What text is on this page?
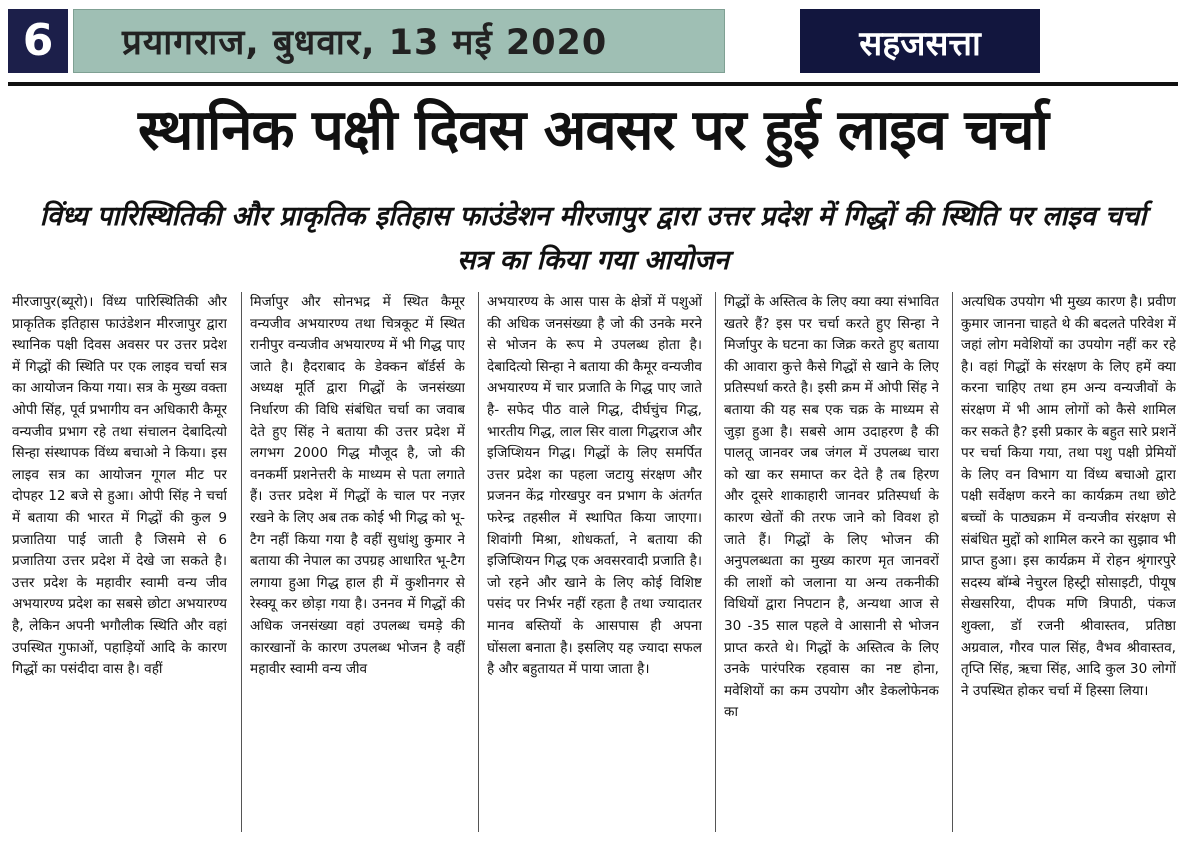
6	प्रयागराज, बुधवार, 13 मई 2020	सहजसत्ता
स्थानिक पक्षी दिवस अवसर पर हुई लाइव चर्चा
विंध्य पारिस्थितिकी और प्राकृतिक इतिहास फाउंडेशन मीरजापुर द्वारा उत्तर प्रदेश में गिद्धों की स्थिति पर लाइव चर्चा सत्र का किया गया आयोजन

मीरजापुर(ब्यूरो)। विंध्य पारिस्थितिकी और प्राकृतिक इतिहास फाउंडेशन मीरजापुर द्वारा स्थानिक पक्षी दिवस अवसर पर उत्तर प्रदेश में गिद्धों की स्थिति पर एक लाइव चर्चा सत्र का आयोजन किया गया। सत्र के मुख्य वक्ता ओपी सिंह, पूर्व प्रभागीय वन अधिकारी कैमूर वन्यजीव प्रभाग रहे तथा संचालन देबादित्यो सिन्हा संस्थापक विंध्य बचाओ ने किया। इस लाइव सत्र का आयोजन गूगल मीट पर दोपहर 12 बजे से हुआ। ओपी सिंह ने चर्चा में बताया की भारत में गिद्धों की कुल 9 प्रजातिया पाई जाती है जिसमे से 6 प्रजातिया उत्तर प्रदेश में देखे जा सकते है। उत्तर प्रदेश के महावीर स्वामी वन्य जीव अभयारण्य प्रदेश का सबसे छोटा अभयारण्य है, लेकिन अपनी भगौलीक स्थिति और वहां उपस्थित गुफाओं, पहाड़ियों आदि के कारण गिद्धों का पसंदीदा वास है। वहीं

मिर्जापुर और सोनभद्र में स्थित कैमूर वन्यजीव अभयारण्य तथा चित्रकूट में स्थित रानीपुर वन्यजीव अभयारण्य में भी गिद्ध पाए जाते है। हैदराबाद के डेक्कन बॉर्डर्स के अध्यक्ष मूर्ति द्वारा गिद्धों के जनसंख्या निर्धारण की विधि संबंधित चर्चा का जवाब देते हुए सिंह ने बताया की उत्तर प्रदेश में लगभग 2000 गिद्ध मौजूद है, जो की वनकर्मी प्रशनेत्तरी के माध्यम से पता लगाते हैं। उत्तर प्रदेश में गिद्धों के चाल पर नज़र रखने के लिए अब तक कोई भी गिद्ध को भू-टैग नहीं किया गया है वहीं सुधांशु कुमार ने बताया की नेपाल का उपग्रह आधारित भू-टैग लगाया हुआ गिद्ध हाल ही में कुशीनगर से रेस्क्यू कर छोड़ा गया है। उननव में गिद्धों की अधिक जनसंख्या वहां उपलब्ध चमड़े की कारखानों के कारण उपलब्ध भोजन है वहीं महावीर स्वामी वन्य जीव

अभयारण्य के आस पास के क्षेत्रों में पशुओं की अधिक जनसंख्या है जो की उनके मरने से भोजन के रूप मे उपलब्ध होता है। देबादित्यो सिन्हा ने बताया की कैमूर वन्यजीव अभयारण्य में चार प्रजाति के गिद्ध पाए जाते है- सफेद पीठ वाले गिद्ध, दीर्घचुंच गिद्ध, भारतीय गिद्ध, लाल सिर वाला गिद्धराज और इजिप्शियन गिद्ध। गिद्धों के लिए समर्पित उत्तर प्रदेश का पहला जटायु संरक्षण और प्रजनन केंद्र गोरखपुर वन प्रभाग के अंतर्गत फरेन्द्र तहसील में स्थापित किया जाएगा। शिवांगी मिश्रा, शोधकर्ता, ने बताया की इजिप्शियन गिद्ध एक अवसरवादी प्रजाति है। जो रहने और खाने के लिए कोई विशिष्ट पसंद पर निर्भर नहीं रहता है तथा ज्यादातर मानव बस्तियों के आसपास ही अपना घोंसला बनाता है। इसलिए यह ज्यादा सफल है और बहुतायत में पाया जाता है।

गिद्धों के अस्तित्व के लिए क्या क्या संभावित खतरे हैं? इस पर चर्चा करते हुए सिन्हा ने मिर्जापुर के घटना का जिक्र करते हुए बताया की आवारा कुत्ते कैसे गिद्धों से खाने के लिए प्रतिस्पर्धा करते है। इसी क्रम में ओपी सिंह ने बताया की यह सब एक चक्र के माध्यम से जुड़ा हुआ है। सबसे आम उदाहरण है की पालतू जानवर जब जंगल में उपलब्ध चारा को खा कर समाप्त कर देते है तब हिरण और दूसरे शाकाहारी जानवर प्रतिस्पर्धा के कारण खेतों की तरफ जाने को विवश हो जाते हैं। गिद्धों के लिए भोजन की अनुपलब्धता का मुख्य कारण मृत जानवरों की लाशों को जलाना या अन्य तकनीकी विधियों द्वारा निपटान है, अन्यथा आज से 30 -35 साल पहले वे आसानी से भोजन प्राप्त करते थे। गिद्धों के अस्तित्व के लिए उनके पारंपरिक रहवास का नष्ट होना, मवेशियों का कम उपयोग और डेकलोफेनक का

अत्यधिक उपयोग भी मुख्य कारण है। प्रवीण कुमार जानना चाहते थे की बदलते परिवेश में जहां लोग मवेशियों का उपयोग नहीं कर रहे है। वहां गिद्धों के संरक्षण के लिए हमें क्या करना चाहिए तथा हम अन्य वन्यजीवों के संरक्षण में भी आम लोगों को कैसे शामिल कर सकते है? इसी प्रकार के बहुत सारे प्रशनें पर चर्चा किया गया, तथा पशु पक्षी प्रेमियों के लिए वन विभाग या विंध्य बचाओ द्वारा पक्षी सर्वेक्षण करने का कार्यक्रम तथा छोटे बच्चों के पाठ्यक्रम में वन्यजीव संरक्षण से संबंधित मुद्दों को शामिल करने का सुझाव भी प्राप्त हुआ। इस कार्यक्रम में रोहन श्रृंगारपुरे सदस्य बॉम्बे नेचुरल हिस्ट्री सोसाइटी, पीयूष सेखसरिया, दीपक मणि त्रिपाठी, पंकज शुक्ला, डॉ रजनी श्रीवास्तव, प्रतिष्ठा अग्रवाल, गौरव पाल सिंह, वैभव श्रीवास्तव, तृप्ति सिंह, ऋचा सिंह, आदि कुल 30 लोगों ने उपस्थित होकर चर्चा में हिस्सा लिया।
